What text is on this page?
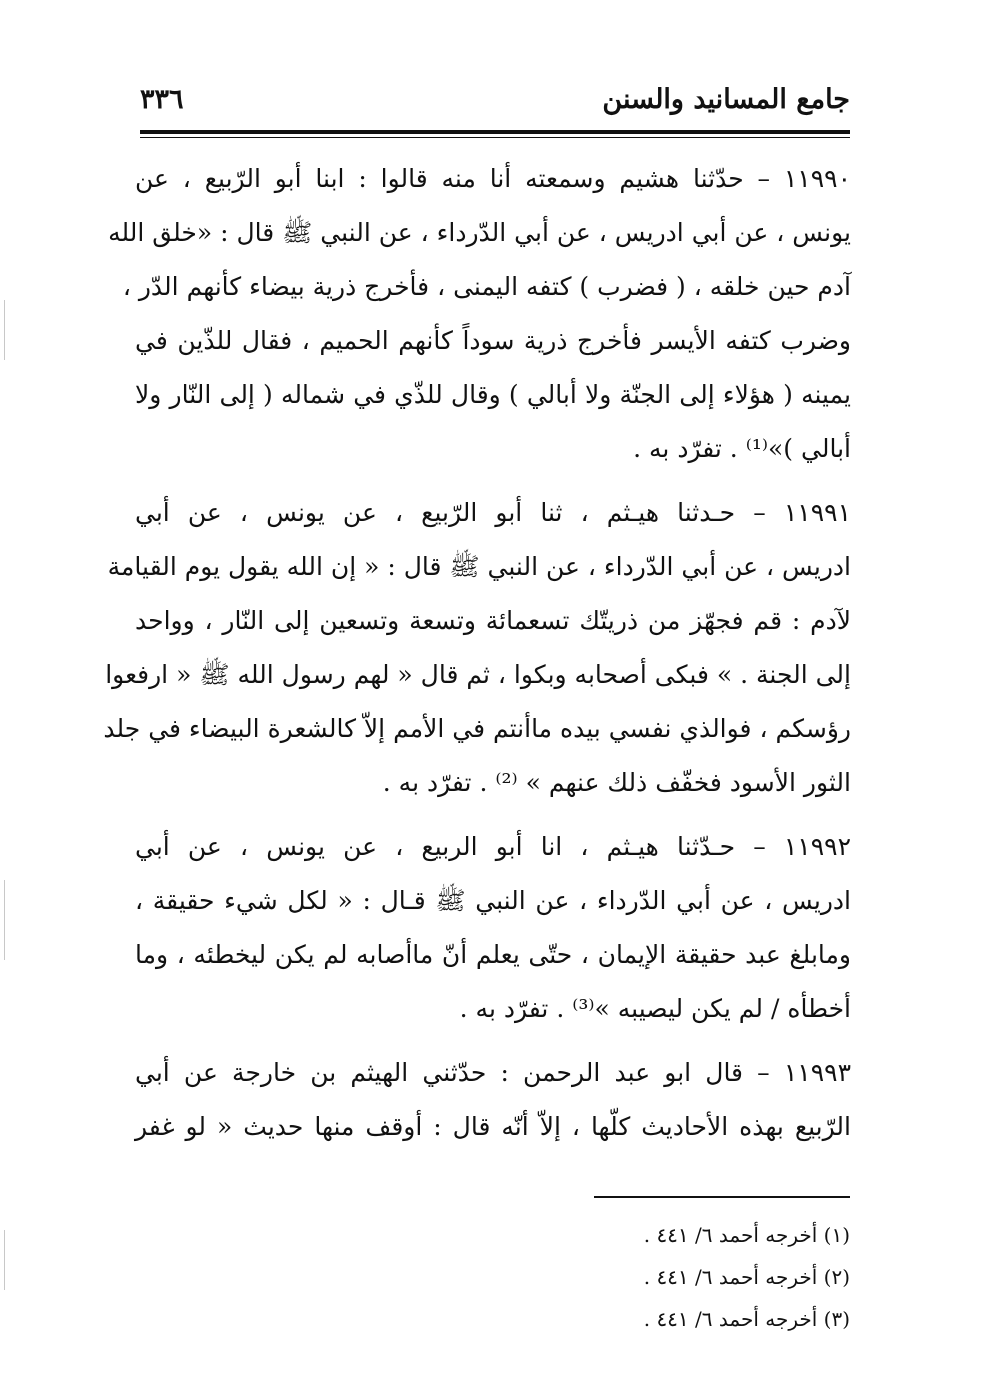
جامع المسانيد والسنن
٣٣٦
١١٩٩٠ – حدّثنا هشيم وسمعته أنا منه قالوا : ابنا أبو الرّبيع ، عن
يونس ، عن أبي ادريس ، عن أبي الدّرداء ، عن النبي ﷺ قال : «خلق الله
آدم حين خلقه ، ( فضرب ) كتفه اليمنى ، فأخرج ذرية بيضاء كأنهم الدّر ،
وضرب كتفه الأيسر فأخرج ذرية سوداً كأنهم الحميم ، فقال للذّين في
يمينه ( هؤلاء إلى الجنّة ولا أبالي ) وقال للذّي في شماله ( إلى النّار ولا
أبالي )»⁽¹⁾ . تفرّد به .
١١٩٩١ – حـدثنا هيـثم ، ثنا أبو الرّبيع ، عن يونس ، عن أبي
ادريس ، عن أبي الدّرداء ، عن النبي ﷺ قال : « إن الله يقول يوم القيامة
لآدم : قم فجهّز من ذريتّك تسعمائة وتسعة وتسعين إلى النّار ، وواحد
إلى الجنة . » فبكى أصحابه وبكوا ، ثم قال « لهم رسول الله ﷺ « ارفعوا
رؤسكم ، فوالذي نفسي بيده ماأنتم في الأمم إلاّ كالشعرة البيضاء في جلد
الثور الأسود فخفّف ذلك عنهم » ⁽²⁾ . تفرّد به .
١١٩٩٢ – حـدّثنا هيـثم ، انا أبو الربيع ، عن يونس ، عن أبي
ادريس ، عن أبي الدّرداء ، عن النبي ﷺ قـال : « لكل شيء حقيقة ،
ومابلغ عبد حقيقة الإيمان ، حتّى يعلم أنّ ماأصابه لم يكن ليخطئه ، وما
أخطأه / لم يكن ليصيبه »⁽³⁾ . تفرّد به .
١١٩٩٣ – قال ابو عبد الرحمن : حدّثني الهيثم بن خارجة عن أبي
الرّبيع بهذه الأحاديث كلّها ، إلاّ أنّه قال : أوقف منها حديث « لو غفر
(١) أخرجه أحمد ٦/ ٤٤١ .
(٢) أخرجه أحمد ٦/ ٤٤١ .
(٣) أخرجه أحمد ٦/ ٤٤١ .
